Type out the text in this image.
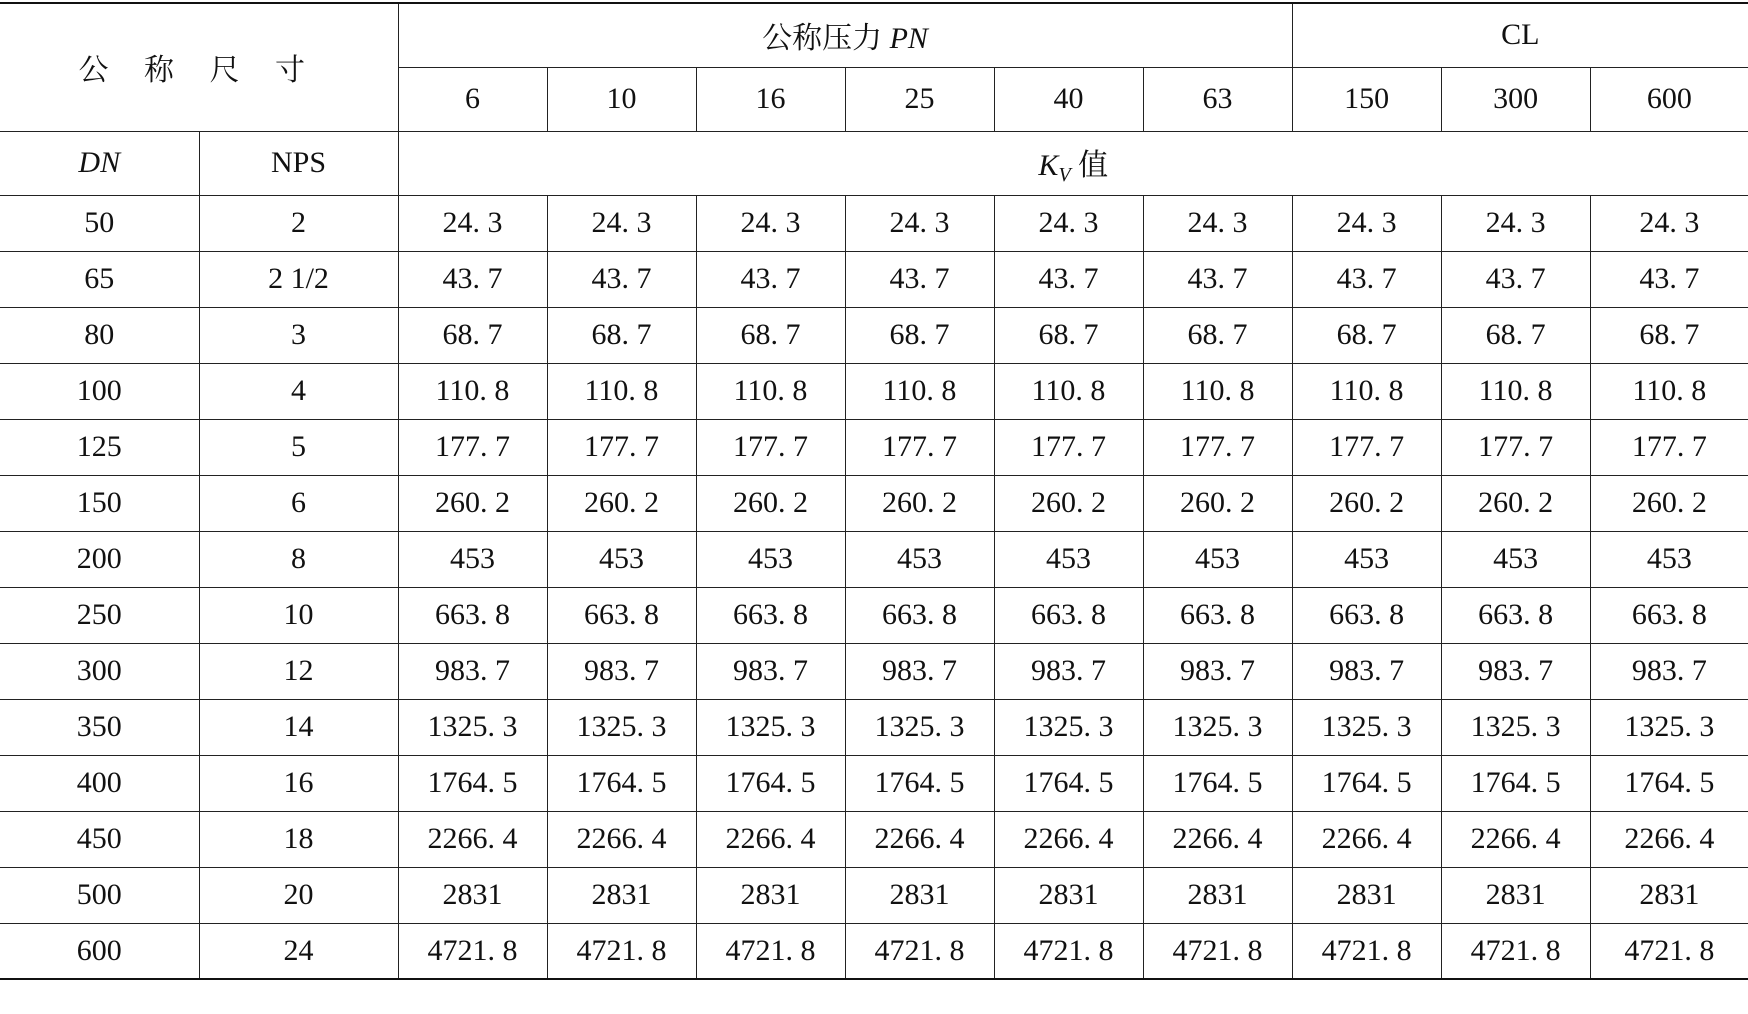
公 称 尺 寸		公称压力 PN						CL		
		6	10	16	25	40	63	150	300	600
DN	NPS	$K_V$ 值								
50	2	24. 3	24. 3	24. 3	24. 3	24. 3	24. 3	24. 3	24. 3	24. 3
65	2 1/2	43. 7	43. 7	43. 7	43. 7	43. 7	43. 7	43. 7	43. 7	43. 7
80	3	68. 7	68. 7	68. 7	68. 7	68. 7	68. 7	68. 7	68. 7	68. 7
100	4	110. 8	110. 8	110. 8	110. 8	110. 8	110. 8	110. 8	110. 8	110. 8
125	5	177. 7	177. 7	177. 7	177. 7	177. 7	177. 7	177. 7	177. 7	177. 7
150	6	260. 2	260. 2	260. 2	260. 2	260. 2	260. 2	260. 2	260. 2	260. 2
200	8	453	453	453	453	453	453	453	453	453
250	10	663. 8	663. 8	663. 8	663. 8	663. 8	663. 8	663. 8	663. 8	663. 8
300	12	983. 7	983. 7	983. 7	983. 7	983. 7	983. 7	983. 7	983. 7	983. 7
350	14	1325. 3	1325. 3	1325. 3	1325. 3	1325. 3	1325. 3	1325. 3	1325. 3	1325. 3
400	16	1764. 5	1764. 5	1764. 5	1764. 5	1764. 5	1764. 5	1764. 5	1764. 5	1764. 5
450	18	2266. 4	2266. 4	2266. 4	2266. 4	2266. 4	2266. 4	2266. 4	2266. 4	2266. 4
500	20	2831	2831	2831	2831	2831	2831	2831	2831	2831
600	24	4721. 8	4721. 8	4721. 8	4721. 8	4721. 8	4721. 8	4721. 8	4721. 8	4721. 8
